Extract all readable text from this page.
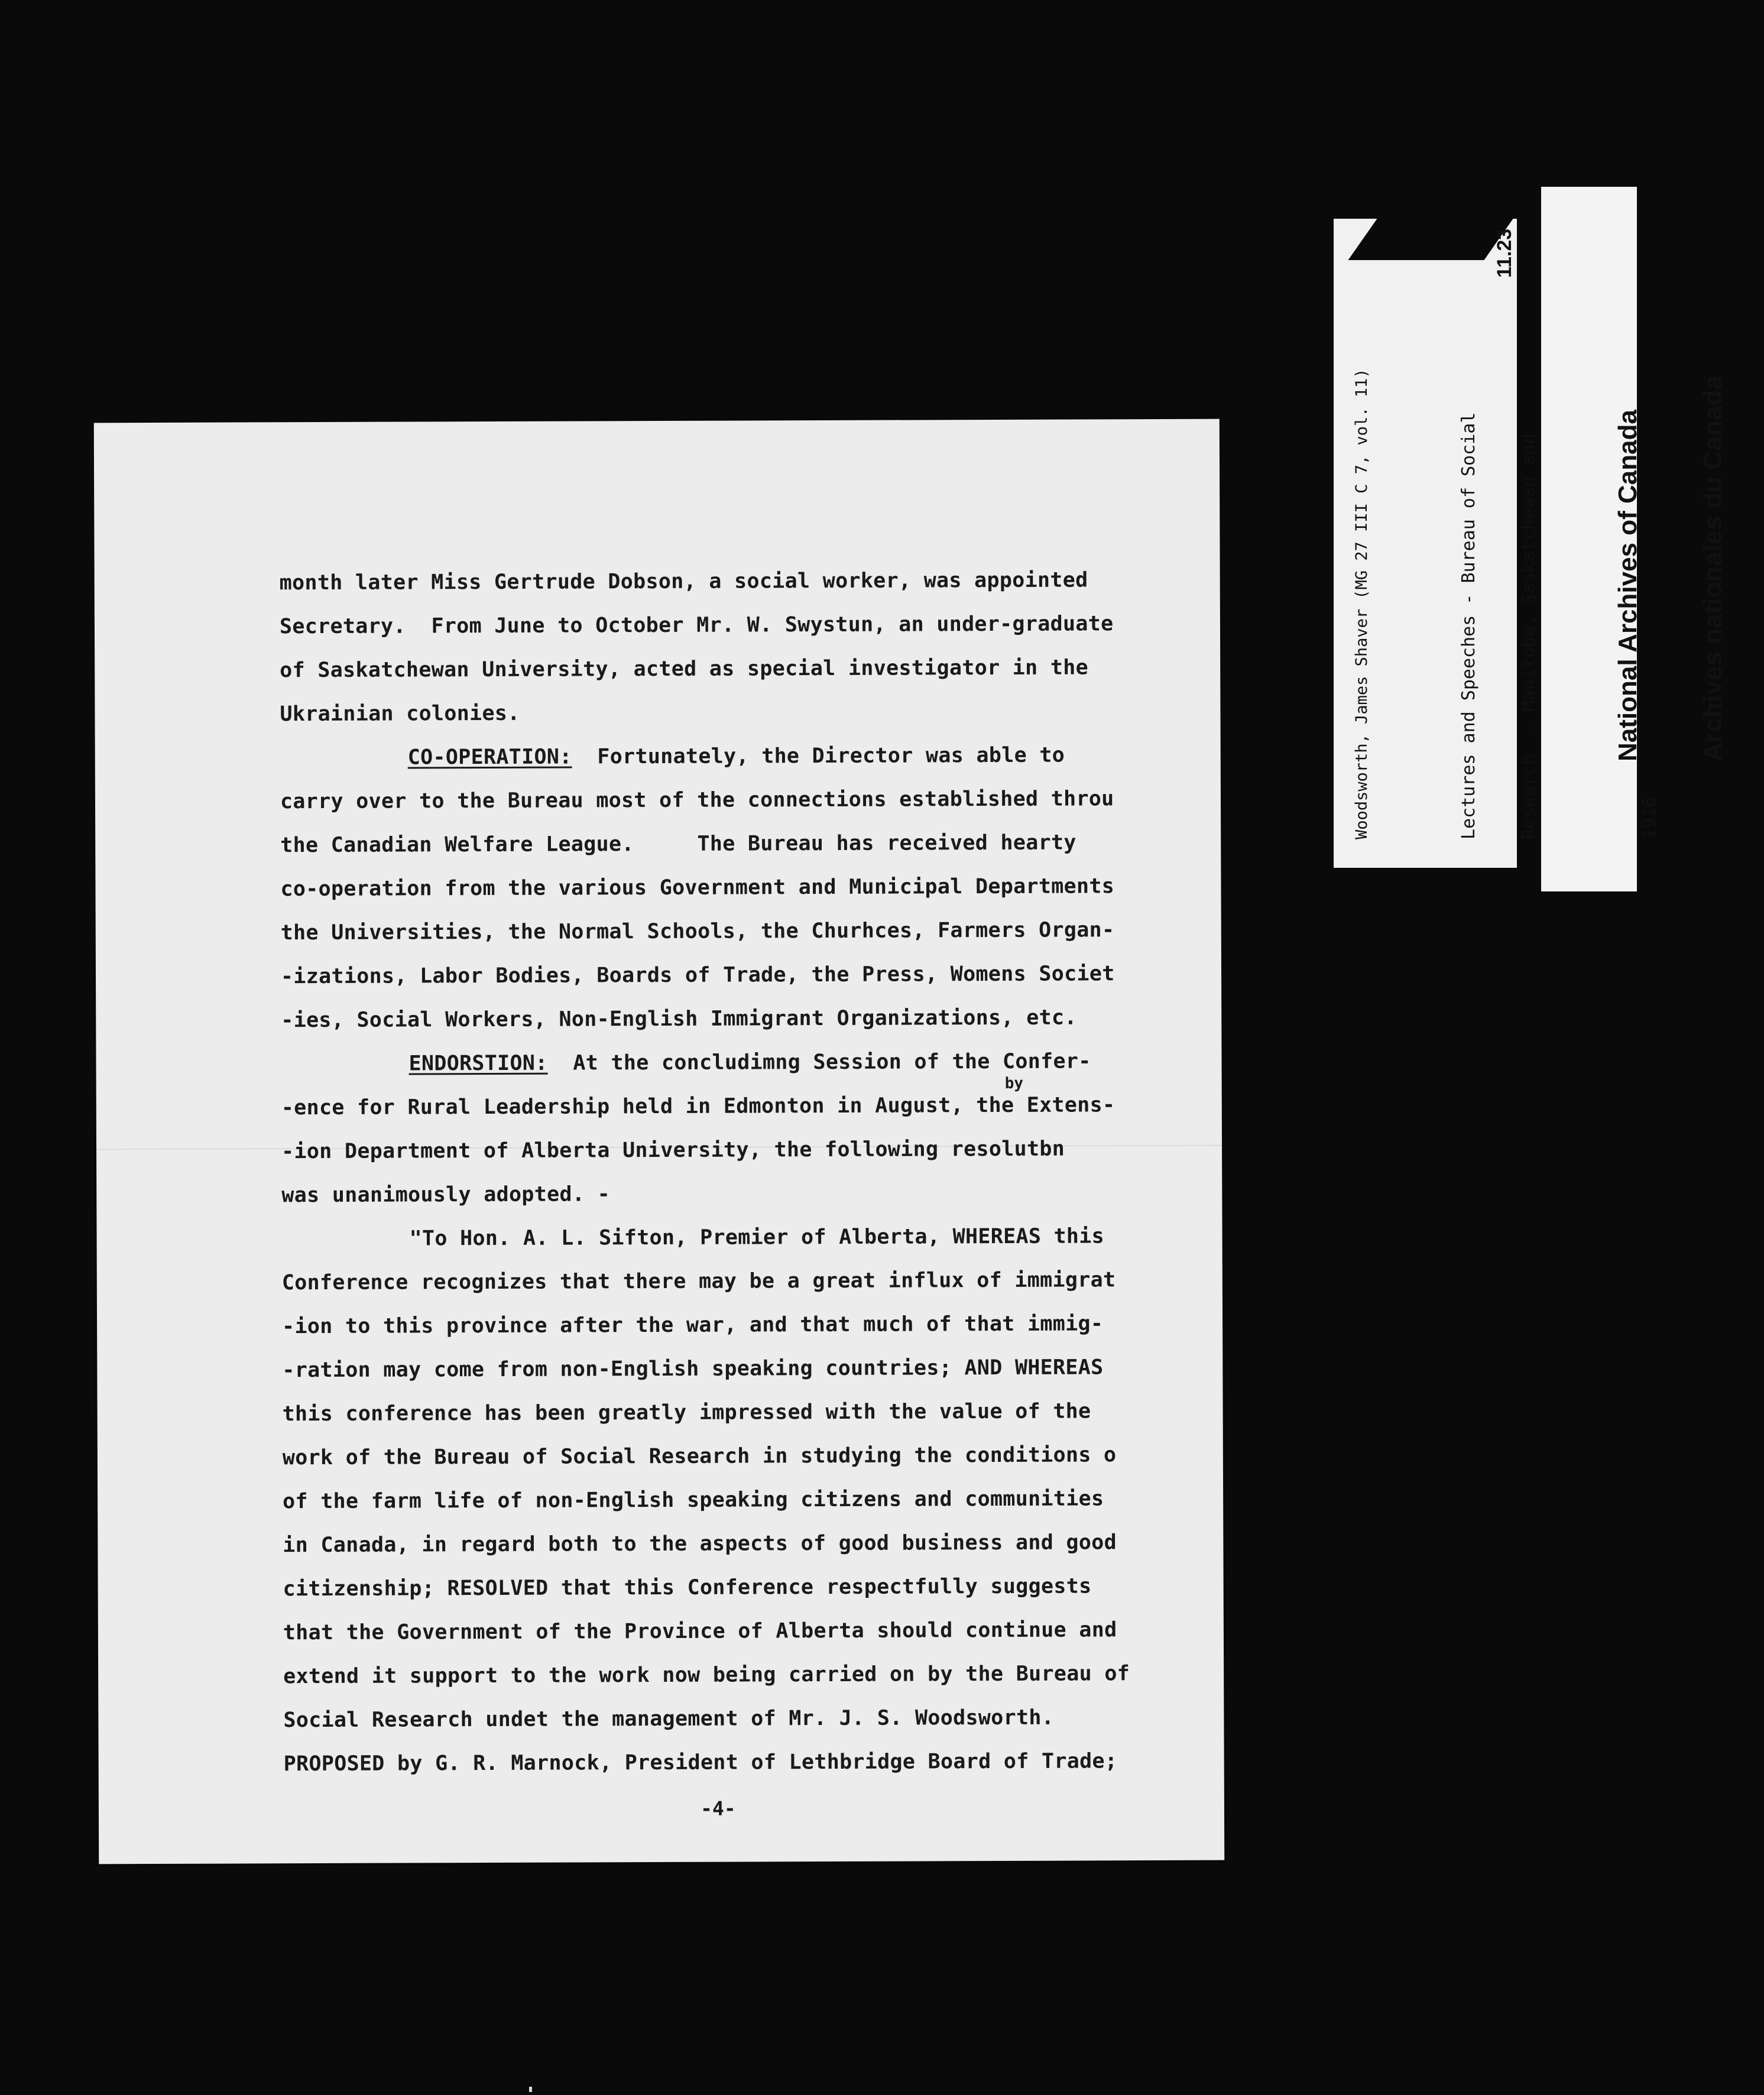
month later Miss Gertrude Dobson, a social worker, was appointed
Secretary.  From June to October Mr. W. Swystun, an under-graduate
of Saskatchewan University, acted as special investigator in the
Ukrainian colonies.
CO-OPERATION: Fortunately, the Director was able to
carry over to the Bureau most of the connections established throu
the Canadian Welfare League.     The Bureau has received hearty
co-operation from the various Government and Municipal Departments
the Universities, the Normal Schools, the Churhces, Farmers Organ-
-izations, Labor Bodies, Boards of Trade, the Press, Womens Societ
-ies, Social Workers, Non-English Immigrant Organizations, etc.
ENDORSTION: At the concludimng Session of the Confer-
by
-ence for Rural Leadership held in Edmonton in August, the Extens-
-ion Department of Alberta University, the following resolutbn
was unanimously adopted. -
"To Hon. A. L. Sifton, Premier of Alberta, WHEREAS this
Conference recognizes that there may be a great influx of immigrat
-ion to this province after the war, and that much of that immig-
-ration may come from non-English speaking countries; AND WHEREAS
this conference has been greatly impressed with the value of the
work of the Bureau of Social Research in studying the conditions o
of the farm life of non-English speaking citizens and communities
in Canada, in regard both to the aspects of good business and good
citizenship; RESOLVED that this Conference respectfully suggests
that the Government of the Province of Alberta should continue and
extend it support to the work now being carried on by the Bureau of
Social Research undet the management of Mr. J. S. Woodsworth.
PROPOSED by G. R. Marnock, President of Lethbridge Board of Trade;
-4-
Woodsworth, James Shaver (MG 27 III C 7, vol. 11)

	Lectures and Speeches - Bureau of Social

Research  - Manitoba, Saskatchewan and

	1916

11.23

National Archives of Canada

Archives nationales du Canada
